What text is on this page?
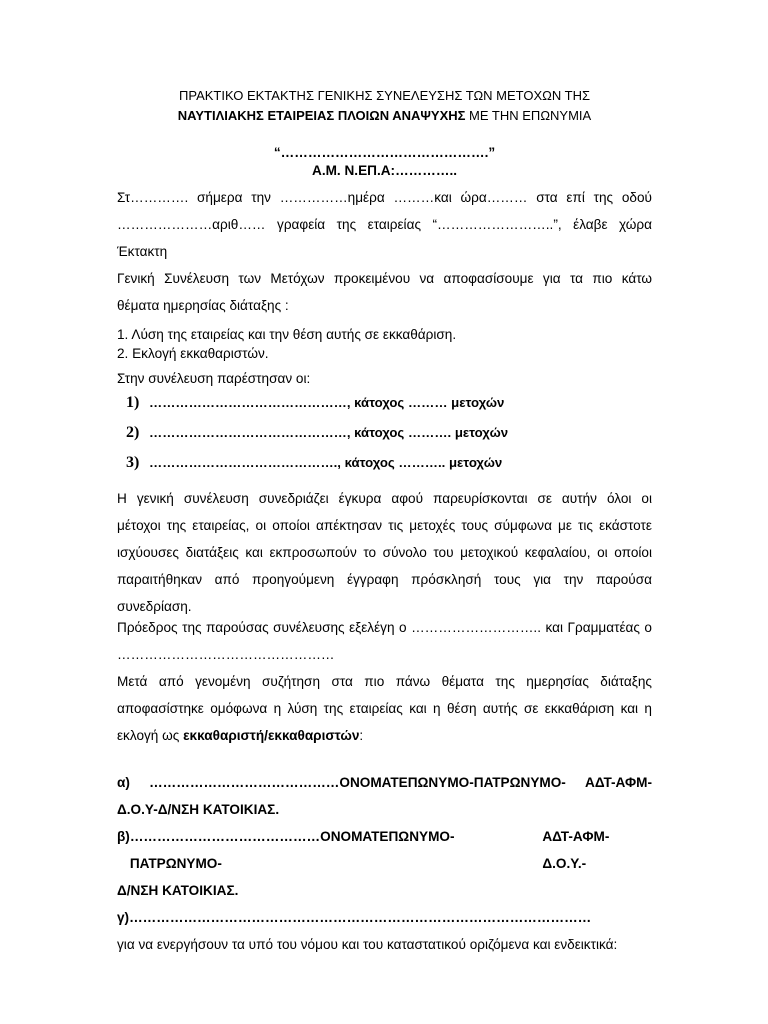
ΠΡΑΚΤΙΚΟ ΕΚΤΑΚΤΗΣ ΓΕΝΙΚΗΣ ΣΥΝΕΛΕΥΣΗΣ ΤΩΝ ΜΕΤΟΧΩΝ ΤΗΣ
ΝΑΥΤΙΛΙΑΚΗΣ ΕΤΑΙΡΕΙΑΣ ΠΛΟΙΩΝ ΑΝΑΨΥΧΗΣ ΜΕ ΤΗΝ ΕΠΩΝΥΜΙΑ
“……………………………………….”
Α.Μ. Ν.ΕΠ.Α:…………..
Στ…………. σήμερα την ……………ημέρα ………και ώρα……… στα επί της οδού
…………………αριθ…… γραφεία της εταιρείας “……………………..”, έλαβε χώρα Έκτακτη
Γενική Συνέλευση των Μετόχων προκειμένου να αποφασίσουμε για τα πιο κάτω
θέματα ημερησίας διάταξης :
1. Λύση της εταιρείας και την θέση αυτής σε εκκαθάριση.
2. Εκλογή εκκαθαριστών.
Στην συνέλευση παρέστησαν οι:
1) ………………………………………, κάτοχος ……… μετοχών
2) ………………………………………, κάτοχος ………. μετοχών
3) ……………………………………., κάτοχος ……….. μετοχών
Η γενική συνέλευση συνεδριάζει έγκυρα αφού παρευρίσκονται σε αυτήν όλοι οι
μέτοχοι της εταιρείας, οι οποίοι απέκτησαν τις μετοχές τους σύμφωνα με τις εκάστοτε
ισχύουσες διατάξεις και εκπροσωπούν το σύνολο του μετοχικού κεφαλαίου, οι οποίοι
παραιτήθηκαν από προηγούμενη έγγραφη πρόσκλησή τους για την παρούσα
συνεδρίαση.
Πρόεδρος της παρούσας συνέλευσης εξελέγη ο ……………………….. και Γραμματέας ο
…………………………………………
Μετά από γενομένη συζήτηση στα πιο πάνω θέματα της ημερησίας διάταξης
αποφασίστηκε ομόφωνα η λύση της εταιρείας και η θέση αυτής σε εκκαθάριση και η
εκλογή ως εκκαθαριστή/εκκαθαριστών:
α) ……………………………………ΟΝΟΜΑΤΕΠΩΝΥΜΟ-ΠΑΤΡΩΝΥΜΟ- ΑΔΤ-ΑΦΜ-
Δ.Ο.Υ-Δ/ΝΣΗ ΚΑΤΟΙΚΙΑΣ.
β) ……………………………………ΟΝΟΜΑΤΕΠΩΝΥΜΟ-ΠΑΤΡΩΝΥΜΟ-
ΑΔΤ-ΑΦΜ-Δ.Ο.Υ.-
Δ/ΝΣΗ ΚΑΤΟΙΚΙΑΣ.
γ)…………………………………………………………………………………………
για να ενεργήσουν τα υπό του νόμου και του καταστατικού οριζόμενα και ενδεικτικά:
